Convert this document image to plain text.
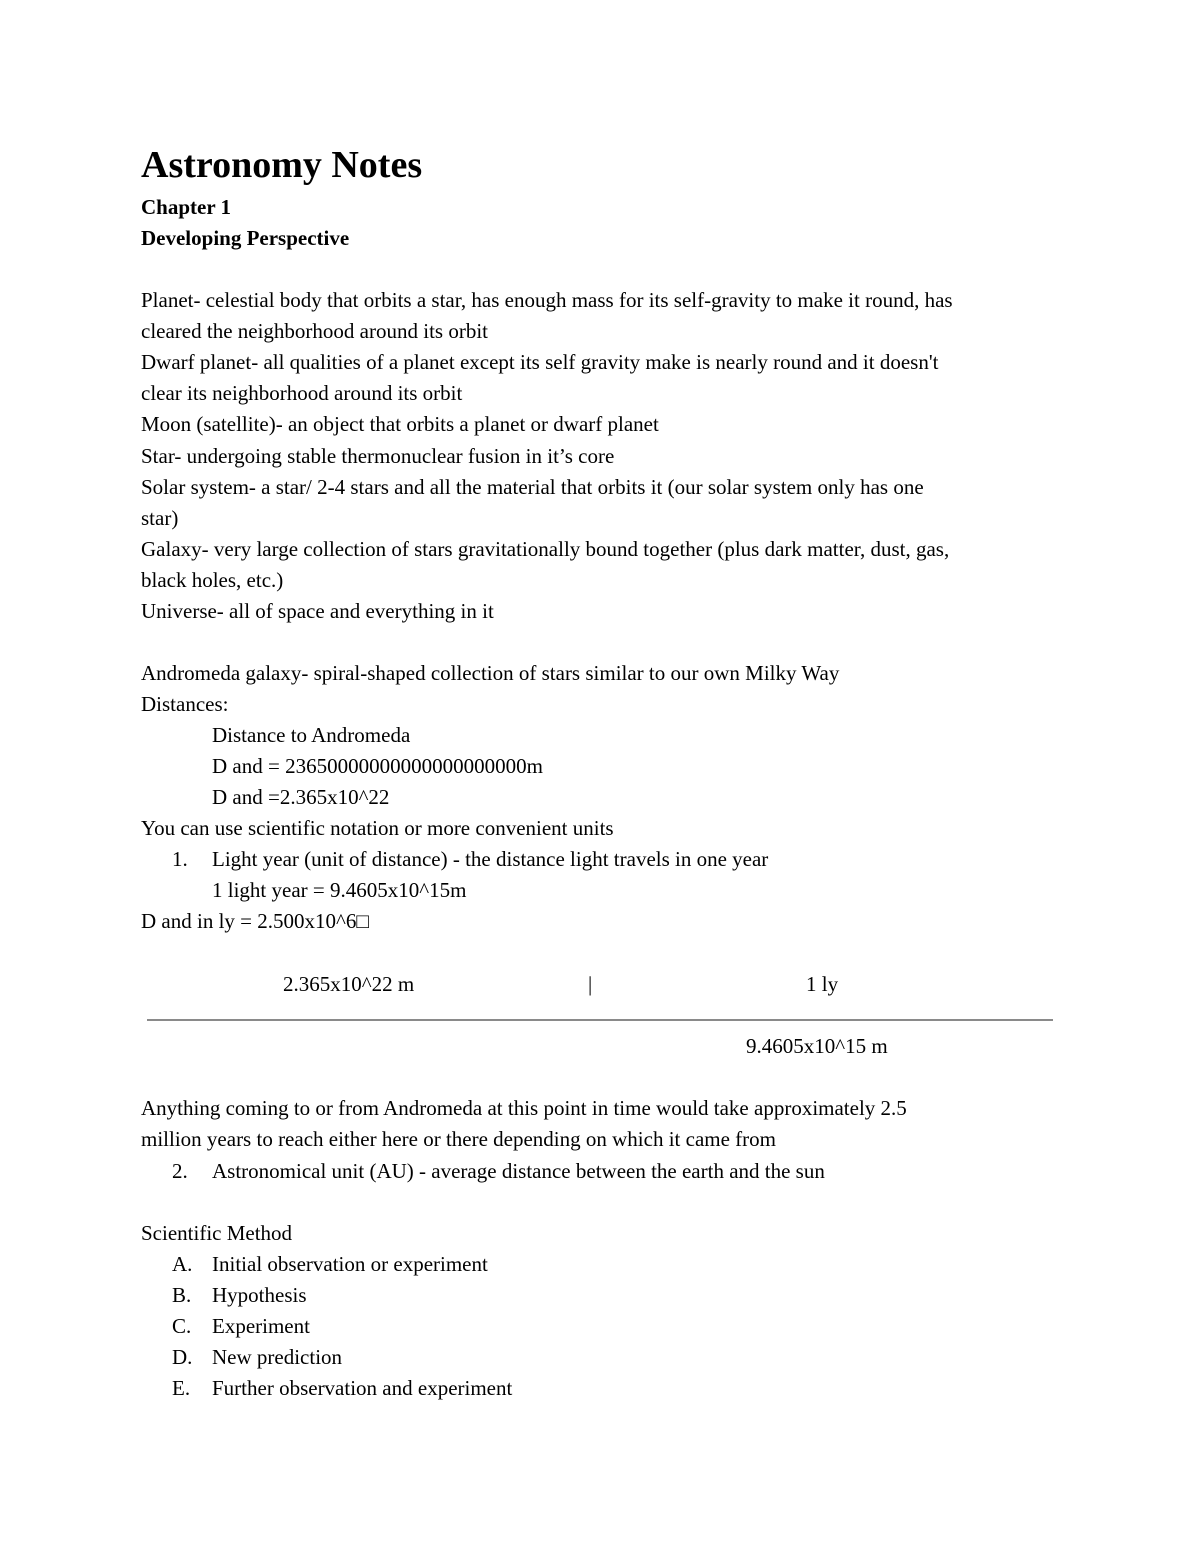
Astronomy Notes

Chapter 1

Developing Perspective

Planet- celestial body that orbits a star, has enough mass for its self-gravity to make it round, has

cleared the neighborhood around its orbit

Dwarf planet- all qualities of a planet except its self gravity make is nearly round and it doesn't

clear its neighborhood around its orbit

Moon (satellite)- an object that orbits a planet or dwarf planet

Star- undergoing stable thermonuclear fusion in it’s core

Solar system- a star/ 2-4 stars and all the material that orbits it (our solar system only has one

star)

Galaxy- very large collection of stars gravitationally bound together (plus dark matter, dust, gas,

black holes, etc.)

Universe- all of space and everything in it

Andromeda galaxy- spiral-shaped collection of stars similar to our own Milky Way

Distances:

Distance to Andromeda

D and = 23650000000000000000000m

D and =2.365x10^22

You can use scientific notation or more convenient units

1. Light year (unit of distance) - the distance light travels in one year

1 light year = 9.4605x10^15m

D and in ly = 2.500x10^6□

2.365x10^22 m	|	1 ly

9.4605x10^15 m

Anything coming to or from Andromeda at this point in time would take approximately 2.5

million years to reach either here or there depending on which it came from

2. Astronomical unit (AU) - average distance between the earth and the sun

Scientific Method

A. Initial observation or experiment

B. Hypothesis

C. Experiment

D. New prediction

E. Further observation and experiment
